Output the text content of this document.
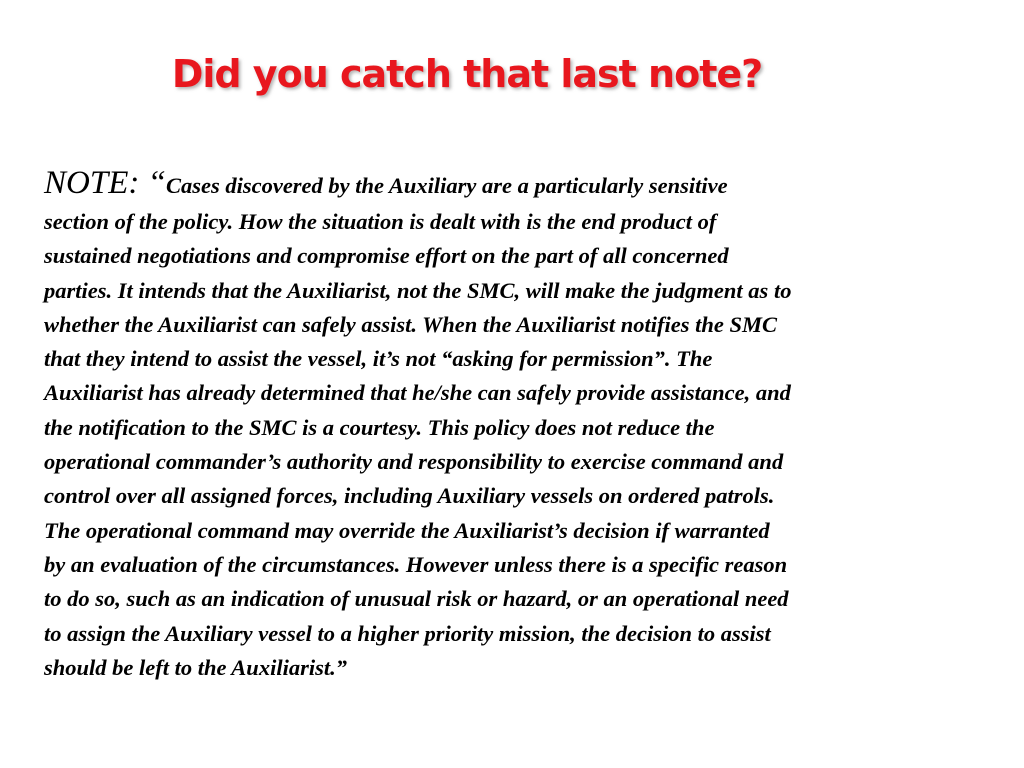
Did you catch that last note?
NOTE: “Cases discovered by the Auxiliary are a particularly sensitive
section of the policy. How the situation is dealt with is the end product of
sustained negotiations and compromise effort on the part of all concerned
parties. It intends that the Auxiliarist, not the SMC, will make the judgment as to
whether the Auxiliarist can safely assist. When the Auxiliarist notifies the SMC
that they intend to assist the vessel, it’s not “asking for permission”. The
Auxiliarist has already determined that he/she can safely provide assistance, and
the notification to the SMC is a courtesy. This policy does not reduce the
operational commander’s authority and responsibility to exercise command and
control over all assigned forces, including Auxiliary vessels on ordered patrols.
The operational command may override the Auxiliarist’s decision if warranted
by an evaluation of the circumstances. However unless there is a specific reason
to do so, such as an indication of unusual risk or hazard, or an operational need
to assign the Auxiliary vessel to a higher priority mission, the decision to assist
should be left to the Auxiliarist.”
